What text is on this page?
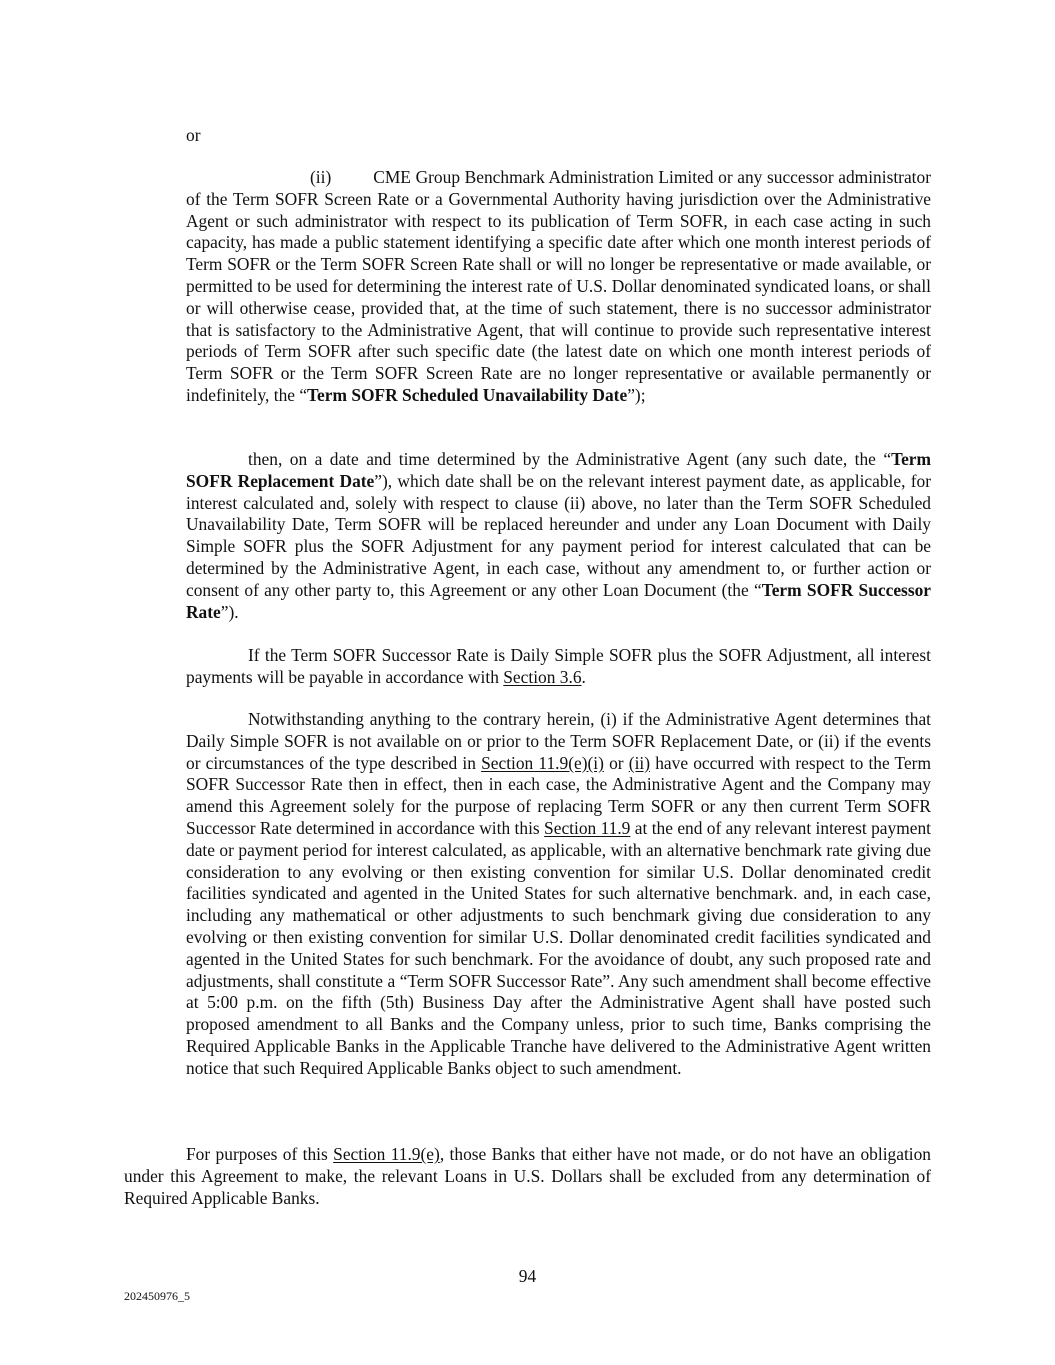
or
(ii) CME Group Benchmark Administration Limited or any successor administrator of the Term SOFR Screen Rate or a Governmental Authority having jurisdiction over the Administrative Agent or such administrator with respect to its publication of Term SOFR, in each case acting in such capacity, has made a public statement identifying a specific date after which one month interest periods of Term SOFR or the Term SOFR Screen Rate shall or will no longer be representative or made available, or permitted to be used for determining the interest rate of U.S. Dollar denominated syndicated loans, or shall or will otherwise cease, provided that, at the time of such statement, there is no successor administrator that is satisfactory to the Administrative Agent, that will continue to provide such representative interest periods of Term SOFR after such specific date (the latest date on which one month interest periods of Term SOFR or the Term SOFR Screen Rate are no longer representative or available permanently or indefinitely, the “Term SOFR Scheduled Unavailability Date”);
then, on a date and time determined by the Administrative Agent (any such date, the “Term SOFR Replacement Date”), which date shall be on the relevant interest payment date, as applicable, for interest calculated and, solely with respect to clause (ii) above, no later than the Term SOFR Scheduled Unavailability Date, Term SOFR will be replaced hereunder and under any Loan Document with Daily Simple SOFR plus the SOFR Adjustment for any payment period for interest calculated that can be determined by the Administrative Agent, in each case, without any amendment to, or further action or consent of any other party to, this Agreement or any other Loan Document (the “Term SOFR Successor Rate”).
If the Term SOFR Successor Rate is Daily Simple SOFR plus the SOFR Adjustment, all interest payments will be payable in accordance with Section 3.6.
Notwithstanding anything to the contrary herein, (i) if the Administrative Agent determines that Daily Simple SOFR is not available on or prior to the Term SOFR Replacement Date, or (ii) if the events or circumstances of the type described in Section 11.9(e)(i) or (ii) have occurred with respect to the Term SOFR Successor Rate then in effect, then in each case, the Administrative Agent and the Company may amend this Agreement solely for the purpose of replacing Term SOFR or any then current Term SOFR Successor Rate determined in accordance with this Section 11.9 at the end of any relevant interest payment date or payment period for interest calculated, as applicable, with an alternative benchmark rate giving due consideration to any evolving or then existing convention for similar U.S. Dollar denominated credit facilities syndicated and agented in the United States for such alternative benchmark. and, in each case, including any mathematical or other adjustments to such benchmark giving due consideration to any evolving or then existing convention for similar U.S. Dollar denominated credit facilities syndicated and agented in the United States for such benchmark. For the avoidance of doubt, any such proposed rate and adjustments, shall constitute a “Term SOFR Successor Rate”. Any such amendment shall become effective at 5:00 p.m. on the fifth (5th) Business Day after the Administrative Agent shall have posted such proposed amendment to all Banks and the Company unless, prior to such time, Banks comprising the Required Applicable Banks in the Applicable Tranche have delivered to the Administrative Agent written notice that such Required Applicable Banks object to such amendment.
For purposes of this Section 11.9(e), those Banks that either have not made, or do not have an obligation under this Agreement to make, the relevant Loans in U.S. Dollars shall be excluded from any determination of Required Applicable Banks.
94
202450976_5
